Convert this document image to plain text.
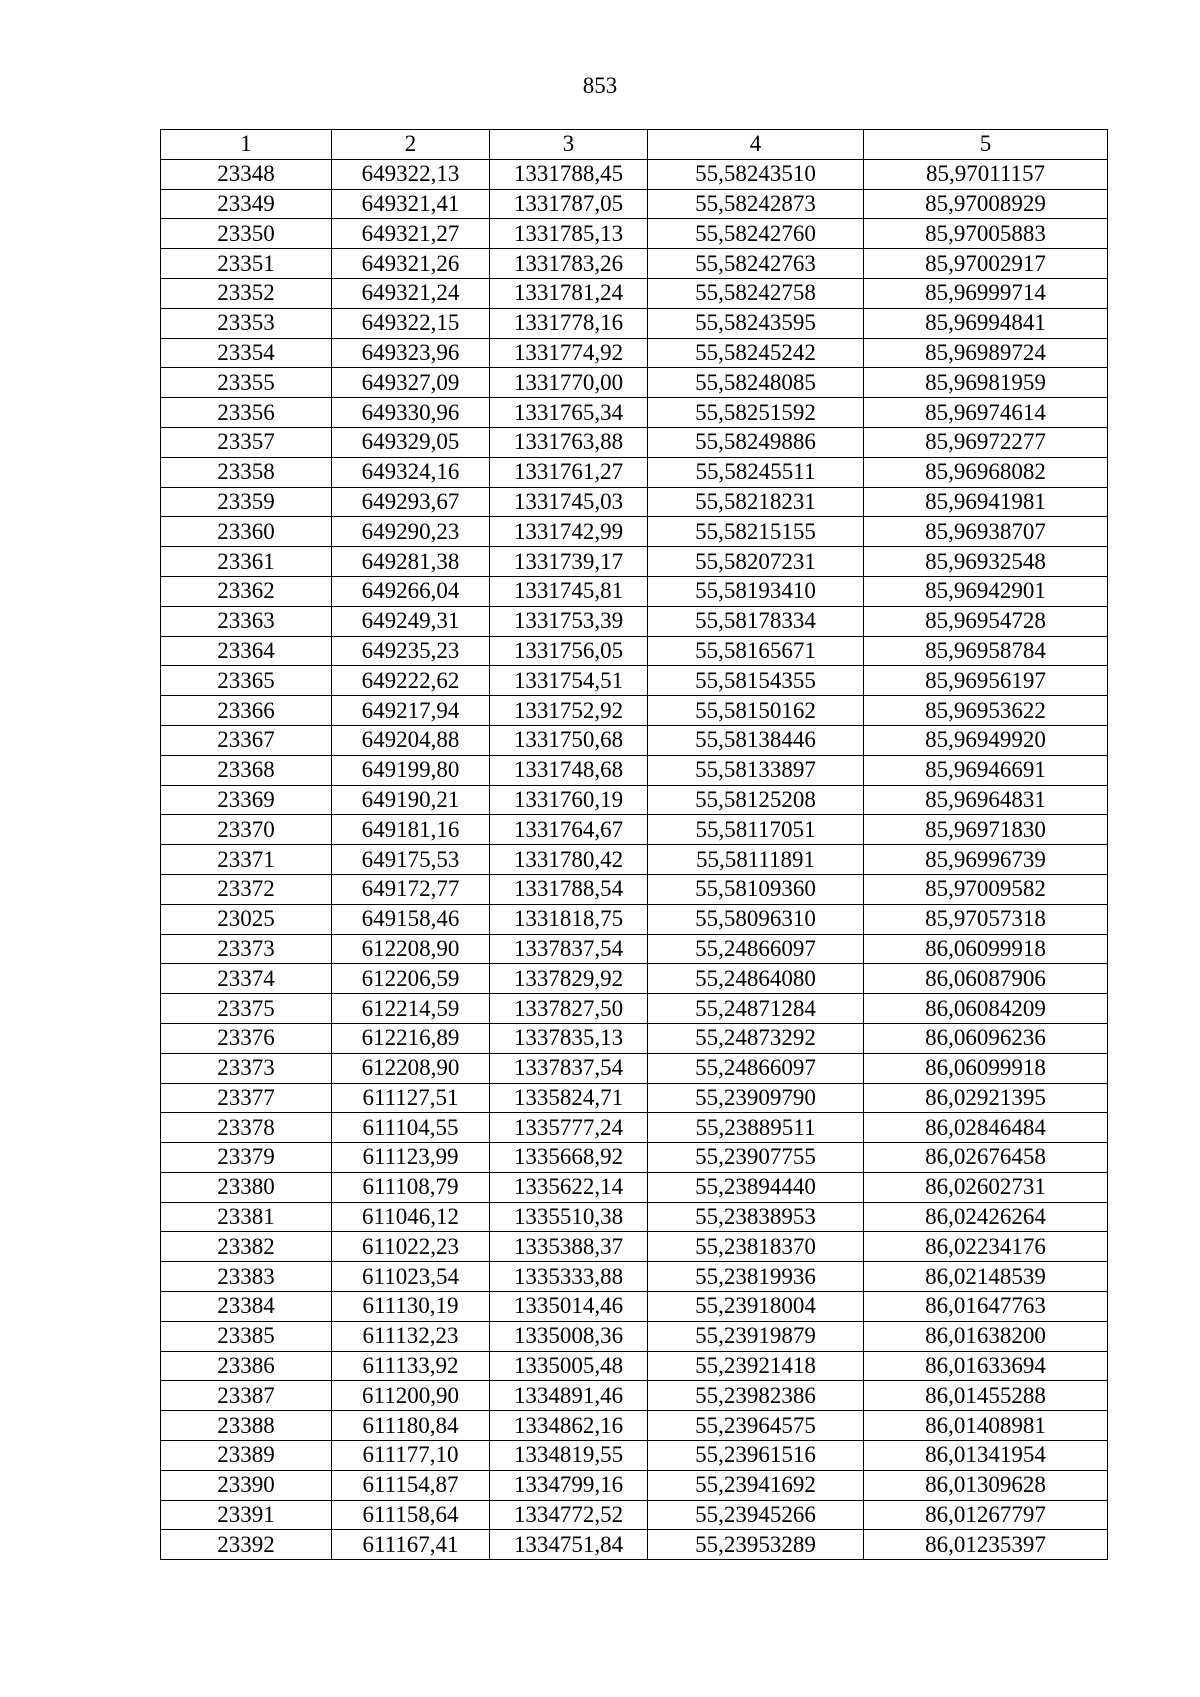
853
1	2	3	4	5
23348	649322,13	1331788,45	55,58243510	85,97011157
23349	649321,41	1331787,05	55,58242873	85,97008929
23350	649321,27	1331785,13	55,58242760	85,97005883
23351	649321,26	1331783,26	55,58242763	85,97002917
23352	649321,24	1331781,24	55,58242758	85,96999714
23353	649322,15	1331778,16	55,58243595	85,96994841
23354	649323,96	1331774,92	55,58245242	85,96989724
23355	649327,09	1331770,00	55,58248085	85,96981959
23356	649330,96	1331765,34	55,58251592	85,96974614
23357	649329,05	1331763,88	55,58249886	85,96972277
23358	649324,16	1331761,27	55,58245511	85,96968082
23359	649293,67	1331745,03	55,58218231	85,96941981
23360	649290,23	1331742,99	55,58215155	85,96938707
23361	649281,38	1331739,17	55,58207231	85,96932548
23362	649266,04	1331745,81	55,58193410	85,96942901
23363	649249,31	1331753,39	55,58178334	85,96954728
23364	649235,23	1331756,05	55,58165671	85,96958784
23365	649222,62	1331754,51	55,58154355	85,96956197
23366	649217,94	1331752,92	55,58150162	85,96953622
23367	649204,88	1331750,68	55,58138446	85,96949920
23368	649199,80	1331748,68	55,58133897	85,96946691
23369	649190,21	1331760,19	55,58125208	85,96964831
23370	649181,16	1331764,67	55,58117051	85,96971830
23371	649175,53	1331780,42	55,58111891	85,96996739
23372	649172,77	1331788,54	55,58109360	85,97009582
23025	649158,46	1331818,75	55,58096310	85,97057318
23373	612208,90	1337837,54	55,24866097	86,06099918
23374	612206,59	1337829,92	55,24864080	86,06087906
23375	612214,59	1337827,50	55,24871284	86,06084209
23376	612216,89	1337835,13	55,24873292	86,06096236
23373	612208,90	1337837,54	55,24866097	86,06099918
23377	611127,51	1335824,71	55,23909790	86,02921395
23378	611104,55	1335777,24	55,23889511	86,02846484
23379	611123,99	1335668,92	55,23907755	86,02676458
23380	611108,79	1335622,14	55,23894440	86,02602731
23381	611046,12	1335510,38	55,23838953	86,02426264
23382	611022,23	1335388,37	55,23818370	86,02234176
23383	611023,54	1335333,88	55,23819936	86,02148539
23384	611130,19	1335014,46	55,23918004	86,01647763
23385	611132,23	1335008,36	55,23919879	86,01638200
23386	611133,92	1335005,48	55,23921418	86,01633694
23387	611200,90	1334891,46	55,23982386	86,01455288
23388	611180,84	1334862,16	55,23964575	86,01408981
23389	611177,10	1334819,55	55,23961516	86,01341954
23390	611154,87	1334799,16	55,23941692	86,01309628
23391	611158,64	1334772,52	55,23945266	86,01267797
23392	611167,41	1334751,84	55,23953289	86,01235397
